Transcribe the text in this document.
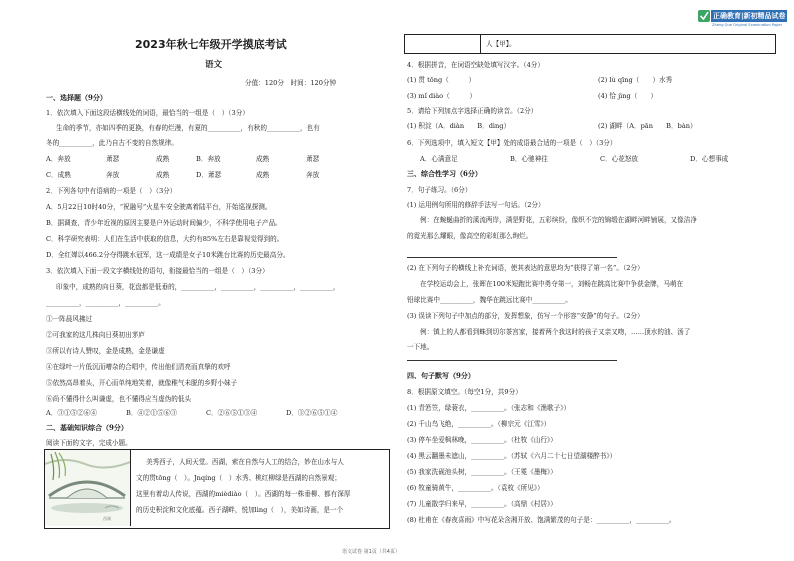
正确教育|新初精品试卷
Zheng Que Original Examination Paper
2023年秋七年级开学摸底考试
语文
分值：120分　时间：120分钟
一、选择题（9分）
1．依次填入下面这段话横线处的词语，最恰当的一组是（　）（3分）
生命的季节，亦如四季的更换，有春的烂漫，有夏的__________，有秋的__________，也有
冬的__________，此乃自古不变的自然规律。
A．奔放	萧瑟	成熟	B．奔放	成熟	萧瑟
C．成熟	奔放	成熟	D．萧瑟	成熟	奔放
2．下列各句中有语病的一项是（　）（3分）
A．5月22日10时40分，“祝融号”火星车安全驶离着陆平台，开始巡视探测。
B．据调查，青少年近视的原因主要是户外运动时间偏少，不科学使用电子产品。
C．科学研究表明：人们在生活中获取的信息，大约有85%左右是靠视觉得到的。
D．全红婵以466.2分夺得跳水冠军，这一成绩是女子10米跳台比赛的历史最高分。
3．依次填入下面一段文字横线处的语句，衔接最恰当的一组是（　）（3分）
印象中，成熟的向日葵，花盘都是低垂的，__________，__________，__________，__________，
__________，__________，__________。
①一阵晨风拂过
②可我家的这几株向日葵初出茅庐
③所以有诗人赞叹，金是成熟，金是谦虚
④在绿叶一片低沉而嘈杂的合唱中，传出他们清亮而真挚的欢呼
⑤依然高昂着头，开心而单纯地笑着，就像稚气未脱的乡野小妹子
⑥尚不懂得什么叫谦虚，也不懂得应当虚伪的低头
A．③①⑤②⑥④	B．④②①⑤⑥③	C．②⑥⑤①③④	D．③②⑥⑤①④
二、基础知识综合（9分）
阅读下面的文字，完成小题。
西湖
美秀西子，人间天堂。西湖，索在自然与人工的结合，妙在山水与人
文的贯tōng（　）。Jnqíng（　）水秀、桃红柳绿是西湖的自然景观；
这里有着动人传说，西湖的mièdiào（　）。西湖的每一株垂柳、都有深厚
的历史积淀和文化底蕴。西子湖畔，悦加lìng（　），美如诗画，是一个
人【甲】。
4．根据拼音，在词语空缺处填写汉字。（4分）
(1) 贯 tōng（　　　）	(2) lù qīng（　　）水秀
(3) mǐ diào（　　　）	(4) 恰 jìng（　　）
5．请给下列加点字选择正确的读音。（2分）
(1) 积淀（A．diàn　　B．dìng）	(2) 湖畔（A．pān　　B．bàn）
6．下列选项中，填入短文【甲】处的成语最合适的一项是（　）（3分）
A．心满意足	B．心驰神往	C．心花怒放	D．心想事成
三、综合性学习（6分）
7．句子练习。（6分）
(1) 运用例句所用的修辞手法写一句话。（2分）
例：在蜿蜒曲折的溪流两岸，满是野花，五彩缤纷，像织不完的锦缎在湖畔河畔铺展，又像洁净
的霓光那么耀眼，像高空的彩虹那么绚烂。
(2) 在下列句子的横线上补充词语，使其表达的意思均为“获得了第一名”。（2分）
在学校运动会上，张晖在100米短跑比赛中勇夺第一，刘畅在跳高比赛中争获金牌，马萌在
铅球比赛中__________，魏华在跳远比赛中__________。
(3) 误读下列句子中加点的部分，发挥想象，仿写一个形容“安静”的句子。（2分）
例：镇上的人都看到蛛到切尔茶宫家，接着两个我这时的孩子又亲又吻，……顶水的油、汤了
一下地。
四、句子默写（9分）
8．根据原文填空。（每空1分，共9分）
(1) 青箬笠，绿蓑衣，__________。（张志和《渔歌子》）
(2) 千山鸟飞绝，__________。（柳宗元《江雪》）
(3) 停车坐爱枫林晚，__________。（杜牧《山行》）
(4) 黑云翻墨未遮山，__________。（苏轼《六月二十七日望湖楼醉书》）
(5) 我家洗砚池头树，__________。（王冕《墨梅》）
(6) 牧童骑黄牛，__________。（袁枚《所见》）
(7) 儿童散学归来早，__________。（高鼎《村居》）
(8) 杜甫在《春夜喜雨》中写花朵含湘开放、饱满繁茂的句子是：__________，__________。
语文试卷 第1页（共4页）
